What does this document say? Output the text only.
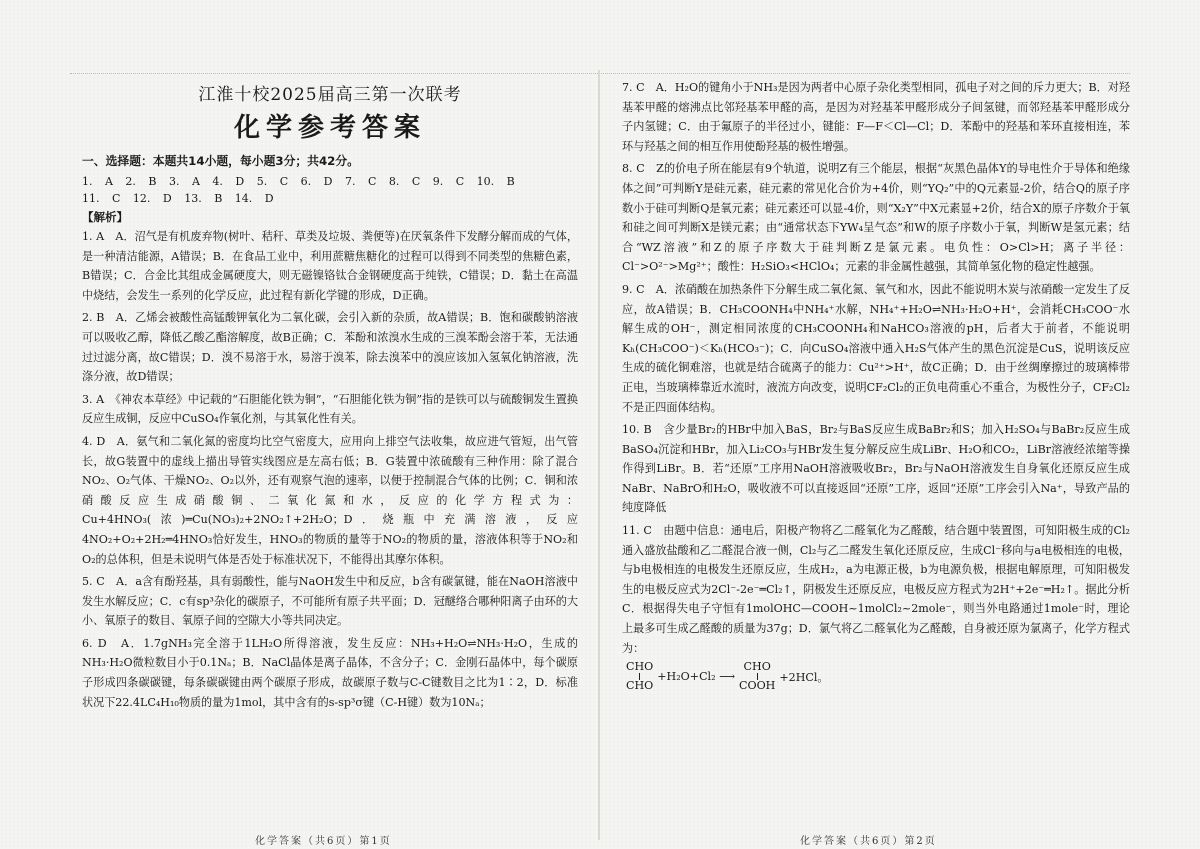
江淮十校2025届高三第一次联考
化学参考答案
一、选择题：本题共14小题，每小题3分；共42分。
1. A 2. B 3. A 4. D 5. C 6. D 7. C 8. C 9. C 10. B
11. C 12. D 13. B 14. D
【解析】

1. A　A．沼气是有机废弃物(树叶、秸秆、草类及垃圾、粪便等)在厌氧条件下发酵分解而成的气体，是一种清洁能源，A错误；B．在食品工业中，利用蔗糖焦糖化的过程可以得到不同类型的焦糖色素，B错误；C．合金比其组成金属硬度大，则无磁镍铬钛合金钢硬度高于纯铁，C错误；D．黏土在高温中烧结，会发生一系列的化学反应，此过程有新化学键的形成，D正确。

2. B　A．乙烯会被酸性高锰酸钾氧化为二氧化碳，会引入新的杂质，故A错误；B．饱和碳酸钠溶液可以吸收乙醇，降低乙酸乙酯溶解度，故B正确；C．苯酚和浓溴水生成的三溴苯酚会溶于苯，无法通过过滤分离，故C错误；D．溴不易溶于水，易溶于溴苯，除去溴苯中的溴应该加入氢氧化钠溶液，洗涤分液，故D错误；

3. A　《神农本草经》中记载的“石胆能化铁为铜”，“石胆能化铁为铜”指的是铁可以与硫酸铜发生置换反应生成铜，反应中CuSO₄作氧化剂，与其氧化性有关。

4. D　A．氨气和二氧化氮的密度均比空气密度大，应用向上排空气法收集，故应进气管短，出气管长，故G装置中的虚线上描出导管实线图应是左高右低；B．G装置中浓硫酸有三种作用：除了混合NO₂、O₂气体、干燥NO₂、O₂以外，还有观察气泡的速率，以便于控制混合气体的比例；C．铜和浓硝酸反应生成硝酸铜、二氧化氮和水，反应的化学方程式为：Cu+4HNO₃(浓)═Cu(NO₃)₂+2NO₂↑+2H₂O；D．烧瓶中充满溶液，反应4NO₂+O₂+2H₂═4HNO₃恰好发生，HNO₃的物质的量等于NO₂的物质的量，溶液体积等于NO₂和O₂的总体积，但是未说明气体是否处于标准状况下，不能得出其摩尔体积。

5. C　A．a含有酚羟基，具有弱酸性，能与NaOH发生中和反应，b含有碳氯键，能在NaOH溶液中发生水解反应；C．c有sp³杂化的碳原子，不可能所有原子共平面；D．冠醚络合哪种阳离子由环的大小、氧原子的数目、氧原子间的空隙大小等共同决定。

6. D　A．1.7gNH₃完全溶于1LH₂O所得溶液，发生反应：NH₃+H₂O⇌NH₃·H₂O，生成的NH₃·H₂O微粒数目小于0.1Nₐ；B．NaCl晶体是离子晶体，不含分子；C．金刚石晶体中，每个碳原子形成四条碳碳键，每条碳碳键由两个碳原子形成，故碳原子数与C-C键数目之比为1∶2，D．标准状况下22.4LC₄H₁₀物质的量为1mol，其中含有的s-sp³σ键（C-H键）数为10Nₐ；

化学答案（共6页）第1页

7. C　A．H₂O的键角小于NH₃是因为两者中心原子杂化类型相同，孤电子对之间的斥力更大；B．对羟基苯甲醛的熔沸点比邻羟基苯甲醛的高，是因为对羟基苯甲醛形成分子间氢键，而邻羟基苯甲醛形成分子内氢键；C．由于氟原子的半径过小，键能：F—F＜Cl—Cl；D．苯酚中的羟基和苯环直接相连，苯环与羟基之间的相互作用使酚羟基的极性增强。

8. C　Z的价电子所在能层有9个轨道，说明Z有三个能层，根据“灰黑色晶体Y的导电性介于导体和绝缘体之间”可判断Y是硅元素，硅元素的常见化合价为+4价，则“YQ₂”中的Q元素显-2价，结合Q的原子序数小于硅可判断Q是氧元素；硅元素还可以显-4价，则“X₂Y”中X元素显+2价，结合X的原子序数介于氧和硅之间可判断X是镁元素；由“通常状态下YW₄呈气态”和W的原子序数小于氧，判断W是氢元素；结合“WZ溶液”和Z的原子序数大于硅判断Z是氯元素。电负性：O>Cl>H；离子半径：Cl⁻>O²⁻>Mg²⁺；酸性：H₂SiO₃<HClO₄；元素的非金属性越强，其简单氢化物的稳定性越强。

9. C　A．浓硝酸在加热条件下分解生成二氧化氮、氧气和水，因此不能说明木炭与浓硝酸一定发生了反应，故A错误；B．CH₃COONH₄中NH₄⁺水解，NH₄⁺+H₂O⇌NH₃·H₂O+H⁺，会消耗CH₃COO⁻水解生成的OH⁻，测定相同浓度的CH₃COONH₄和NaHCO₃溶液的pH，后者大于前者，不能说明Kₕ(CH₃COO⁻)＜Kₕ(HCO₃⁻)；C．向CuSO₄溶液中通入H₂S气体产生的黑色沉淀是CuS，说明该反应生成的硫化铜难溶，也就是结合硫离子的能力：Cu²⁺>H⁺，故C正确；D．由于丝绸摩擦过的玻璃棒带正电，当玻璃棒靠近水流时，液流方向改变，说明CF₂Cl₂的正负电荷重心不重合，为极性分子，CF₂Cl₂不是正四面体结构。

10. B　含少量Br₂的HBr中加入BaS，Br₂与BaS反应生成BaBr₂和S；加入H₂SO₄与BaBr₂反应生成BaSO₄沉淀和HBr，加入Li₂CO₃与HBr发生复分解反应生成LiBr、H₂O和CO₂，LiBr溶液经浓缩等操作得到LiBr。B．若“还原”工序用NaOH溶液吸收Br₂，Br₂与NaOH溶液发生自身氧化还原反应生成NaBr、NaBrO和H₂O，吸收液不可以直接返回“还原”工序，返回“还原”工序会引入Na⁺，导致产品的纯度降低

11. C　由题中信息：通电后，阳极产物将乙二醛氧化为乙醛酸，结合题中装置图，可知阳极生成的Cl₂通入盛放盐酸和乙二醛混合液一侧，Cl₂与乙二醛发生氧化还原反应，生成Cl⁻移向与a电极相连的电极，与b电极相连的电极发生还原反应，生成H₂，a为电源正极，b为电源负极，根据电解原理，可知阳极发生的电极反应式为2Cl⁻-2e⁻═Cl₂↑，阴极发生还原反应，电极反应方程式为2H⁺+2e⁻═H₂↑。据此分析C．根据得失电子守恒有1molOHC—COOH~1molCl₂~2mole⁻，则当外电路通过1mole⁻时，理论上最多可生成乙醛酸的质量为37g；D．氯气将乙二醛氧化为乙醛酸，自身被还原为氯离子，化学方程式为：

CHO
CHO
+H₂O+Cl₂ ⟶
CHO
COOH
+2HCl。
化学答案（共6页）第2页
